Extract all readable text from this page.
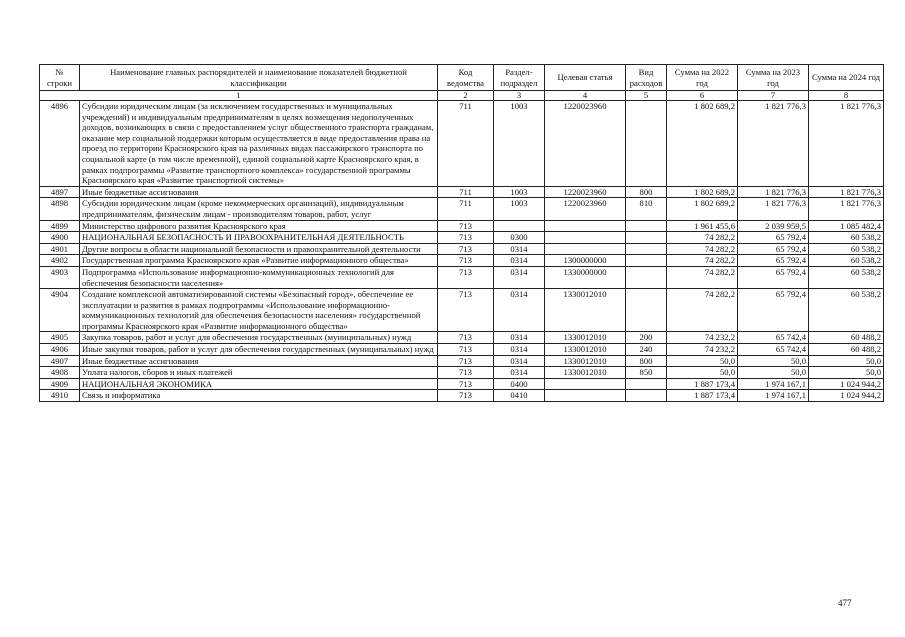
№ строки	Наименование главных распорядителей и наименование показателей бюджетной классификации	Код ведомства	Раздел-подраздел	Целевая статья	Вид расходов	Сумма на 2022 год	Сумма на 2023 год	Сумма на 2024 год
1		2	3	4	5	6	7	8
4896	Субсидии юридическим лицам (за исключением государственных и муниципальных учреждений) и индивидуальным предпринимателям в целях возмещения недополученных доходов, возникающих в связи с предоставлением услуг общественного транспорта гражданам, оказание мер социальной поддержки которым осуществляется в виде предоставления права на проезд по территории Красноярского края на различных видах пассажирского транспорта по социальной карте (в том числе временной), единой социальной карте Красноярского края, в рамках подпрограммы «Развитие транспортного комплекса» государственной программы Красноярского края «Развитие транспортной системы»	711	1003	1220023960		1 802 689,2	1 821 776,3	1 821 776,3
4897	Иные бюджетные ассигнования	711	1003	1220023960	800	1 802 689,2	1 821 776,3	1 821 776,3
4898	Субсидии юридическим лицам (кроме некоммерческих организаций), индивидуальным предпринимателям, физическим лицам - производителям товаров, работ, услуг	711	1003	1220023960	810	1 802 689,2	1 821 776,3	1 821 776,3
4899	Министерство цифрового развития Красноярского края	713				1 961 455,6	2 039 959,5	1 085 482,4
4900	НАЦИОНАЛЬНАЯ БЕЗОПАСНОСТЬ И ПРАВООХРАНИТЕЛЬНАЯ ДЕЯТЕЛЬНОСТЬ	713	0300			74 282,2	65 792,4	60 538,2
4901	Другие вопросы в области национальной безопасности и правоохранительной деятельности	713	0314			74 282,2	65 792,4	60 538,2
4902	Государственная программа Красноярского края «Развитие информационного общества»	713	0314	1300000000		74 282,2	65 792,4	60 538,2
4903	Подпрограмма «Использование информационно-коммуникационных технологий для обеспечения безопасности населения»	713	0314	1330000000		74 282,2	65 792,4	60 538,2
4904	Создание комплексной автоматизированной системы «Безопасный город», обеспечение ее эксплуатации и развития в рамках подпрограммы «Использование информационно-коммуникационных технологий для обеспечения безопасности населения» государственной программы Красноярского края «Развитие информационного общества»	713	0314	1330012010		74 282,2	65 792,4	60 538,2
4905	Закупка товаров, работ и услуг для обеспечения государственных (муниципальных) нужд	713	0314	1330012010	200	74 232,2	65 742,4	60 488,2
4906	Иные закупки товаров, работ и услуг для обеспечения государственных (муниципальных) нужд	713	0314	1330012010	240	74 232,2	65 742,4	60 488,2
4907	Иные бюджетные ассигнования	713	0314	1330012010	800	50,0	50,0	50,0
4908	Уплата налогов, сборов и иных платежей	713	0314	1330012010	850	50,0	50,0	50,0
4909	НАЦИОНАЛЬНАЯ ЭКОНОМИКА	713	0400			1 887 173,4	1 974 167,1	1 024 944,2
4910	Связь и информатика	713	0410			1 887 173,4	1 974 167,1	1 024 944,2
477
